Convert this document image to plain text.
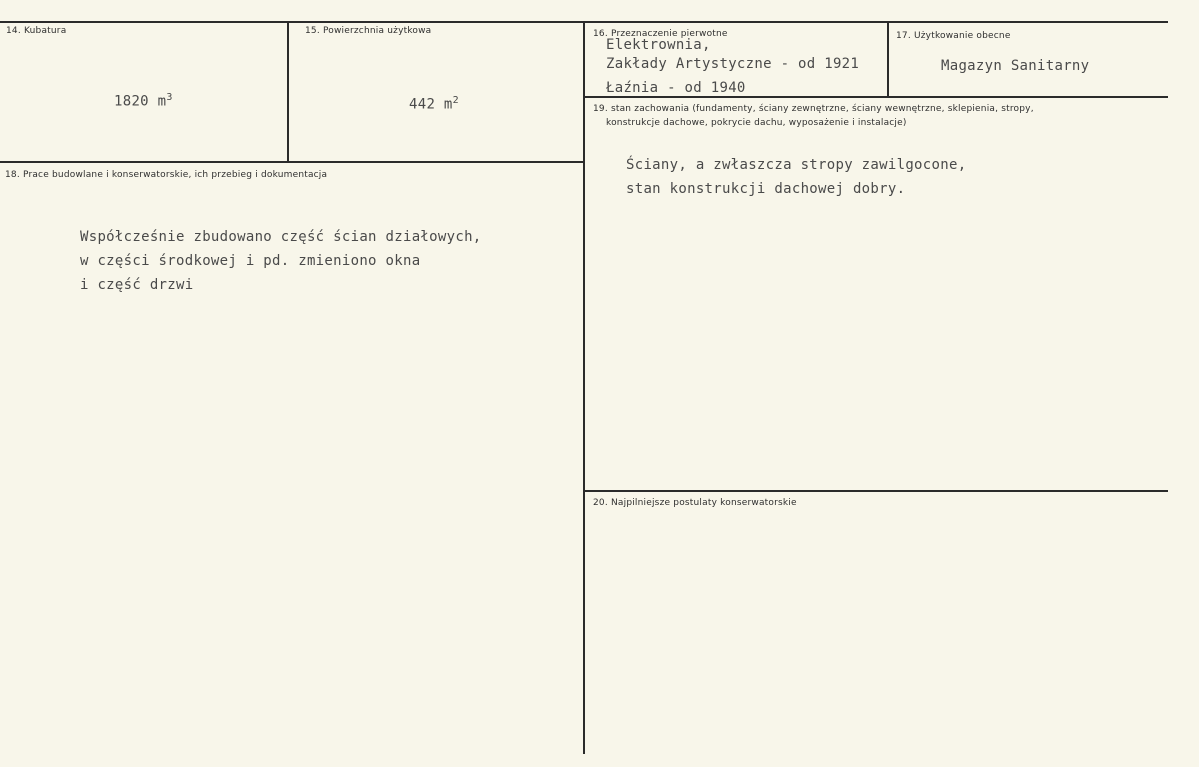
14. Kubatura
1820 $m^3$
15. Powierzchnia użytkowa
442 $m^2$
16. Przeznaczenie pierwotne
Elektrownia,
Zakłady Artystyczne - od 1921
Łaźnia - od 1940
17. Użytkowanie obecne
Magazyn Sanitarny
18. Prace budowlane i konserwatorskie, ich przebieg i dokumentacja
Współcześnie zbudowano część ścian działowych,
w części środkowej i pd. zmieniono okna
i część drzwi
19. stan zachowania (fundamenty, ściany zewnętrzne, ściany wewnętrzne, sklepienia, stropy,
konstrukcje dachowe, pokrycie dachu, wyposażenie i instalacje)
Ściany, a zwłaszcza stropy zawilgocone,
stan konstrukcji dachowej dobry.
20. Najpilniejsze postulaty konserwatorskie
